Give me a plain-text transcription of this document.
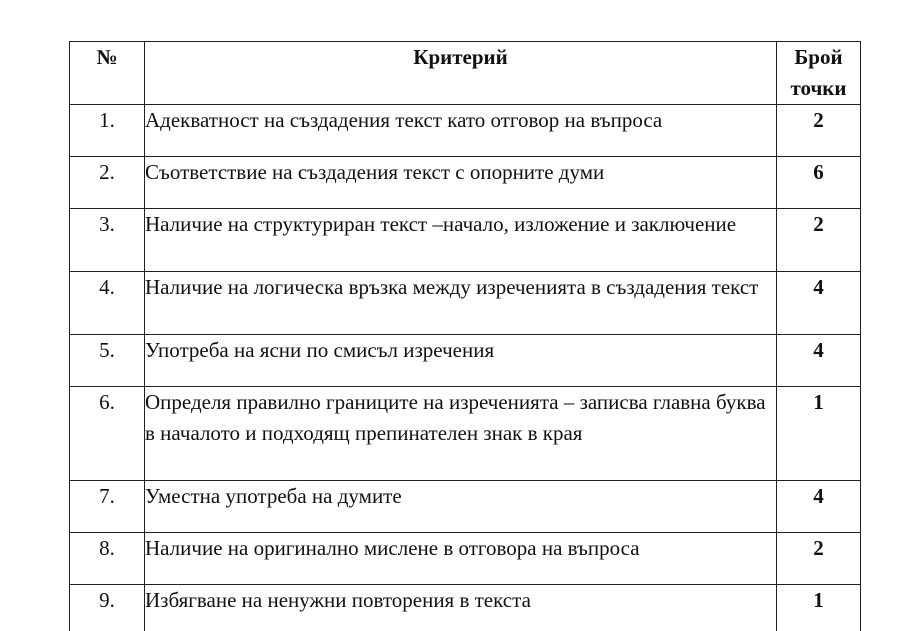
№	Критерий	Брой
точки
1.	Адекватност на създадения текст като отговор на въпроса	2
2.	Съответствие на създадения текст с опорните думи	6
3.	Наличие на структуриран текст –начало, изложение и заключение	2
4.	Наличие на логическа връзка между изреченията в създадения текст	4
5.	Употреба на ясни по смисъл изречения	4
6.	Определя правилно границите на изреченията – записва главна буква в началото и подходящ препинателен знак в края	1
7.	Уместна употреба на думите	4
8.	Наличие на оригинално мислене в отговора на въпроса	2
9.	Избягване на ненужни повторения в текста	1
